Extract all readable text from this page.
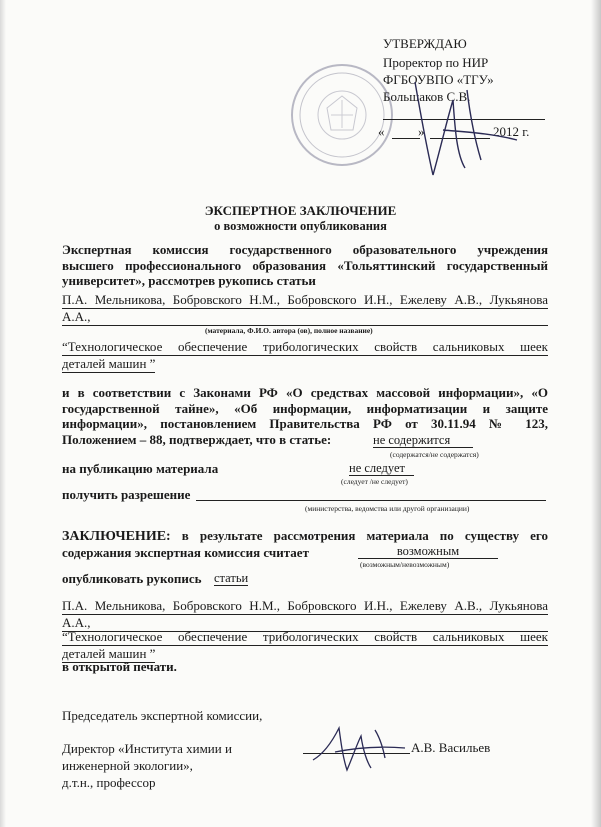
УТВЕРЖДАЮ
Проректор по НИР
ФГБОУВПО «ТГУ»
Большаков С.В.
«	»	2012 г.
ЭКСПЕРТНОЕ ЗАКЛЮЧЕНИЕ
о возможности опубликования
Экспертная комиссия государственного образовательного учреждения
высшего профессионального образования «Тольяттинский государственный
университет», рассмотрев рукопись статьи
П.А. Мельникова, Бобровского Н.М., Бобровского И.Н., Ежелеву А.В., Лукьянова
А.А.,
(материала, Ф.И.О. автора (ов), полное название)
“Технологическое обеспечение трибологических свойств сальниковых шеек
деталей машин ”
и в соответствии с Законами РФ «О средствах массовой информации», «О
государственной тайне», «Об информации, информатизации и защите
информации», постановлением Правительства РФ от 30.11.94 № 123,
Положением – 88, подтверждает, что в статье:	не содержится
(содержатся/не содержатся)
на публикацию материала	не следует
(следует /не следует)
получить разрешение
(министерства, ведомства или другой организации)
ЗАКЛЮЧЕНИЕ: в результате рассмотрения материала по существу его
содержания экспертная комиссия считает	возможным
(возможным/невозможным)
опубликовать рукопись статьи
П.А. Мельникова, Бобровского Н.М., Бобровского И.Н., Ежелеву А.В., Лукьянова
А.А.,
“Технологическое обеспечение трибологических свойств сальниковых шеек
деталей машин ”
в открытой печати.
Председатель экспертной комиссии,
Директор «Института химии и
инженерной экологии»,
д.т.н., профессор
А.В. Васильев
